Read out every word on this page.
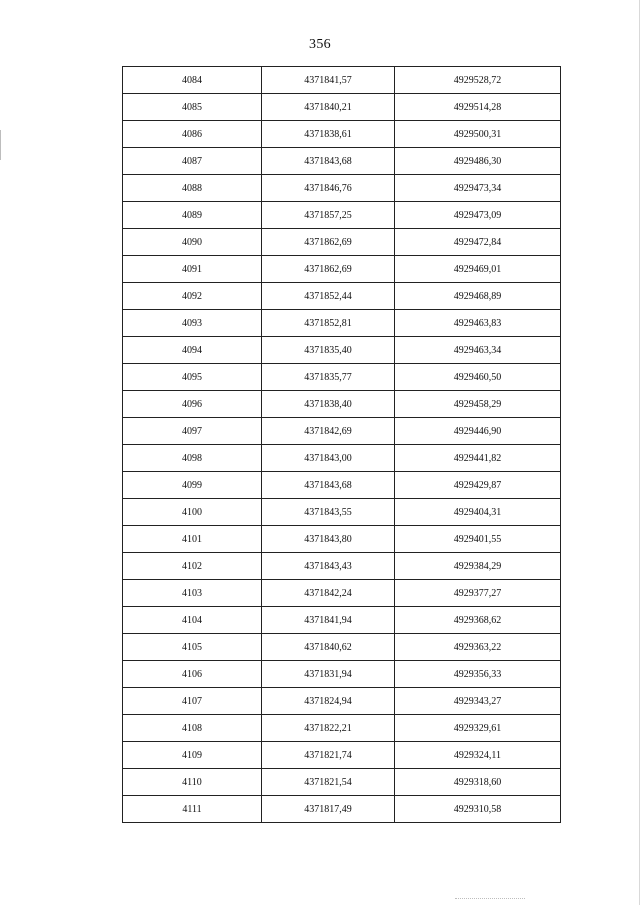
356
4084	4371841,57	4929528,72
4085	4371840,21	4929514,28
4086	4371838,61	4929500,31
4087	4371843,68	4929486,30
4088	4371846,76	4929473,34
4089	4371857,25	4929473,09
4090	4371862,69	4929472,84
4091	4371862,69	4929469,01
4092	4371852,44	4929468,89
4093	4371852,81	4929463,83
4094	4371835,40	4929463,34
4095	4371835,77	4929460,50
4096	4371838,40	4929458,29
4097	4371842,69	4929446,90
4098	4371843,00	4929441,82
4099	4371843,68	4929429,87
4100	4371843,55	4929404,31
4101	4371843,80	4929401,55
4102	4371843,43	4929384,29
4103	4371842,24	4929377,27
4104	4371841,94	4929368,62
4105	4371840,62	4929363,22
4106	4371831,94	4929356,33
4107	4371824,94	4929343,27
4108	4371822,21	4929329,61
4109	4371821,74	4929324,11
4110	4371821,54	4929318,60
4111	4371817,49	4929310,58
